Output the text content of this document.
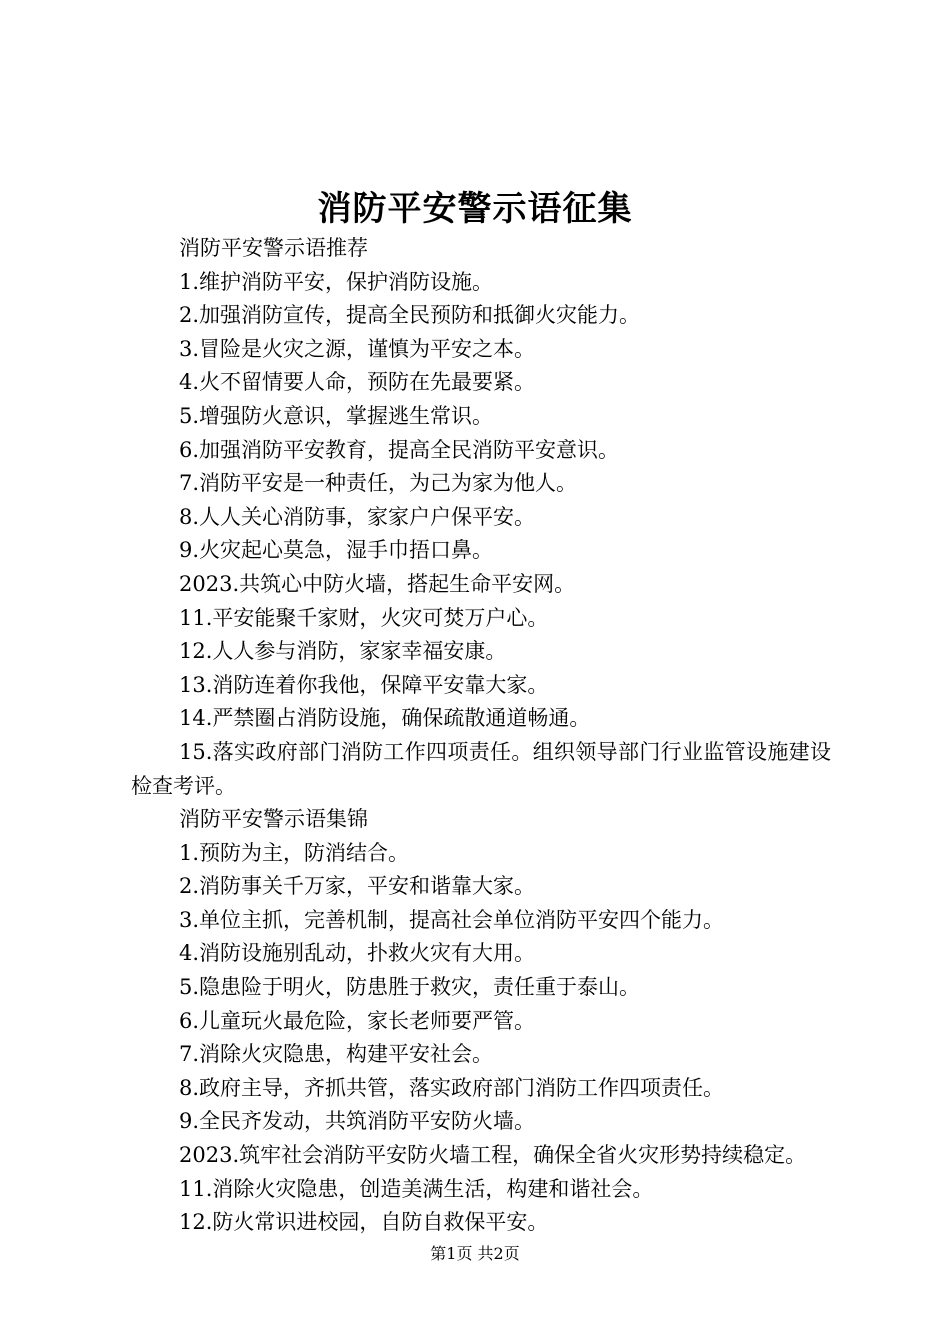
消防平安警示语征集

消防平安警示语推荐

1.维护消防平安，保护消防设施。

2.加强消防宣传，提高全民预防和抵御火灾能力。

3.冒险是火灾之源，谨慎为平安之本。

4.火不留情要人命，预防在先最要紧。

5.增强防火意识，掌握逃生常识。

6.加强消防平安教育，提高全民消防平安意识。

7.消防平安是一种责任，为己为家为他人。

8.人人关心消防事，家家户户保平安。

9.火灾起心莫急，湿手巾捂口鼻。

2023.共筑心中防火墙，搭起生命平安网。

11.平安能聚千家财，火灾可焚万户心。

12.人人参与消防，家家幸福安康。

13.消防连着你我他，保障平安靠大家。

14.严禁圈占消防设施，确保疏散通道畅通。

15.落实政府部门消防工作四项责任。组织领导部门行业监管设施建设检查考评。

消防平安警示语集锦

1.预防为主，防消结合。

2.消防事关千万家，平安和谐靠大家。

3.单位主抓，完善机制，提高社会单位消防平安四个能力。

4.消防设施别乱动，扑救火灾有大用。

5.隐患险于明火，防患胜于救灾，责任重于泰山。

6.儿童玩火最危险，家长老师要严管。

7.消除火灾隐患，构建平安社会。

8.政府主导，齐抓共管，落实政府部门消防工作四项责任。

9.全民齐发动，共筑消防平安防火墙。

2023.筑牢社会消防平安防火墙工程，确保全省火灾形势持续稳定。

11.消除火灾隐患，创造美满生活，构建和谐社会。

12.防火常识进校园，自防自救保平安。

第1页 共2页
